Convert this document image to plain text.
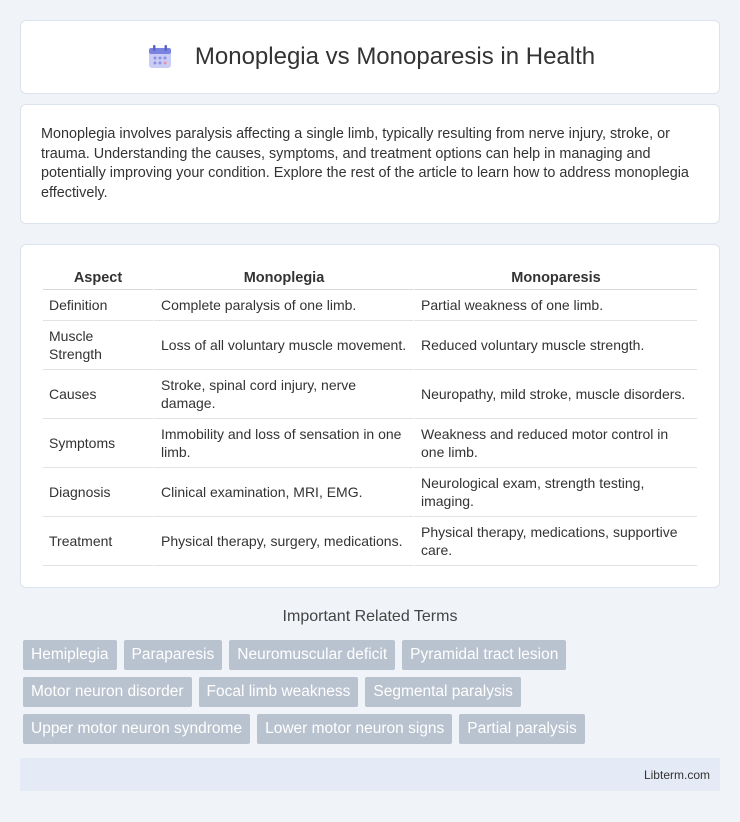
Monoplegia vs Monoparesis in Health

Monoplegia involves paralysis affecting a single limb, typically resulting from nerve injury, stroke, or trauma. Understanding the causes, symptoms, and treatment options can help in managing and potentially improving your condition. Explore the rest of the article to learn how to address monoplegia effectively.

Aspect	Monoplegia	Monoparesis
Definition	Complete paralysis of one limb.	Partial weakness of one limb.
Muscle Strength	Loss of all voluntary muscle movement.	Reduced voluntary muscle strength.
Causes	Stroke, spinal cord injury, nerve damage.	Neuropathy, mild stroke, muscle disorders.
Symptoms	Immobility and loss of sensation in one limb.	Weakness and reduced motor control in one limb.
Diagnosis	Clinical examination, MRI, EMG.	Neurological exam, strength testing, imaging.
Treatment	Physical therapy, surgery, medications.	Physical therapy, medications, supportive care.
Important Related Terms
Hemiplegia	Paraparesis	Neuromuscular deficit	Pyramidal tract lesion
Motor neuron disorder	Focal limb weakness	Segmental paralysis
Upper motor neuron syndrome	Lower motor neuron signs	Partial paralysis
Libterm.com
